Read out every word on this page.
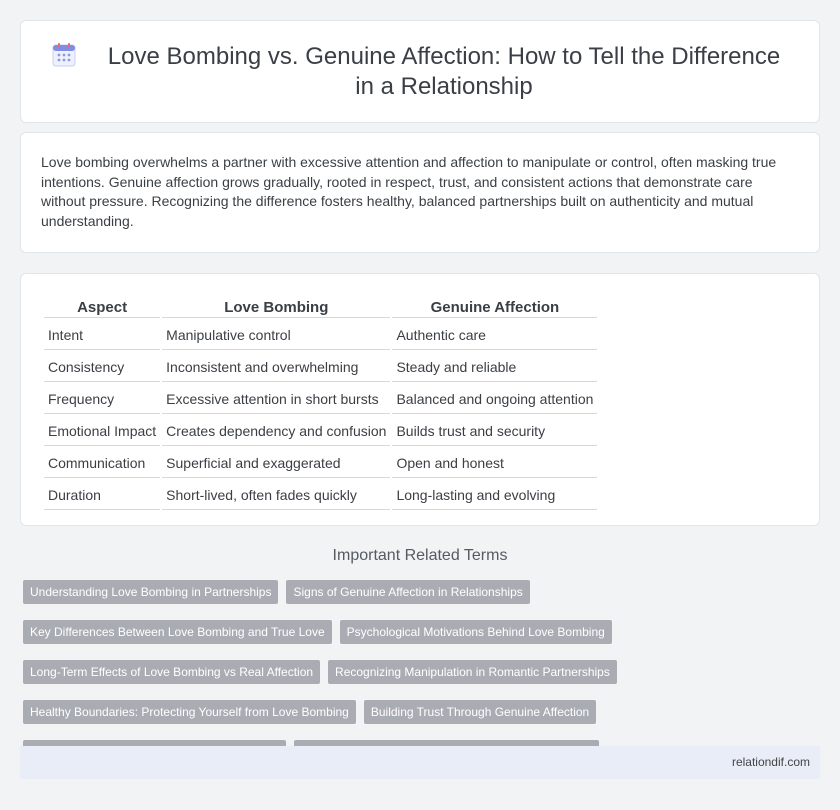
Love Bombing vs. Genuine Affection: How to Tell the Difference in a Relationship

Love bombing overwhelms a partner with excessive attention and affection to manipulate or control, often masking true intentions. Genuine affection grows gradually, rooted in respect, trust, and consistent actions that demonstrate care without pressure. Recognizing the difference fosters healthy, balanced partnerships built on authenticity and mutual understanding.

Aspect	Love Bombing	Genuine Affection
Intent	Manipulative control	Authentic care
Consistency	Inconsistent and overwhelming	Steady and reliable
Frequency	Excessive attention in short bursts	Balanced and ongoing attention
Emotional Impact	Creates dependency and confusion	Builds trust and security
Communication	Superficial and exaggerated	Open and honest
Duration	Short-lived, often fades quickly	Long-lasting and evolving
Important Related Terms
Understanding Love Bombing in Partnerships	Signs of Genuine Affection in Relationships
Key Differences Between Love Bombing and True Love	Psychological Motivations Behind Love Bombing
Long-Term Effects of Love Bombing vs Real Affection	Recognizing Manipulation in Romantic Partnerships
Healthy Boundaries: Protecting Yourself from Love Bombing	Building Trust Through Genuine Affection
relationdif.com
